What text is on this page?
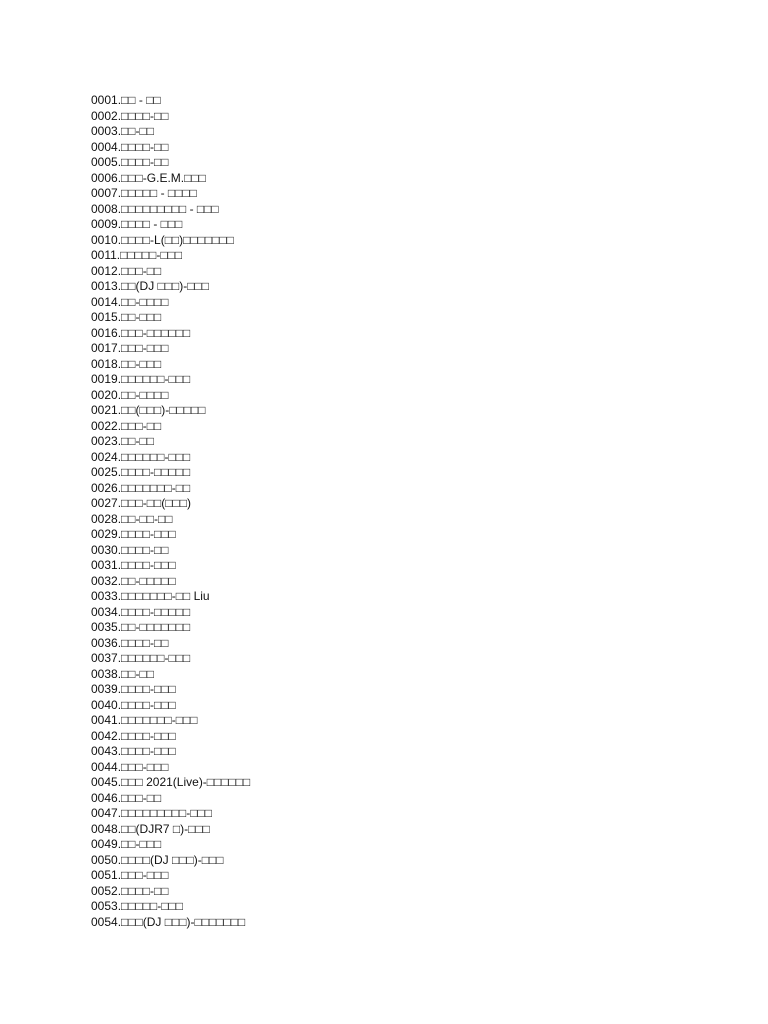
0001.□□ - □□
0002.□□□□-□□
0003.□□-□□
0004.□□□□-□□
0005.□□□□-□□
0006.□□□-G.E.M.□□□
0007.□□□□□ - □□□□
0008.□□□□□□□□□ - □□□
0009.□□□□ - □□□
0010.□□□□-L(□□)□□□□□□□
0011.□□□□□-□□□
0012.□□□-□□
0013.□□(DJ □□□)-□□□
0014.□□-□□□□
0015.□□-□□□
0016.□□□-□□□□□□
0017.□□□-□□□
0018.□□-□□□
0019.□□□□□□-□□□
0020.□□-□□□□
0021.□□(□□□)-□□□□□
0022.□□□-□□
0023.□□-□□
0024.□□□□□□-□□□
0025.□□□□-□□□□□
0026.□□□□□□□-□□
0027.□□□-□□(□□□)
0028.□□-□□-□□
0029.□□□□-□□□
0030.□□□□-□□
0031.□□□□-□□□
0032.□□-□□□□□
0033.□□□□□□□-□□ Liu
0034.□□□□-□□□□□
0035.□□-□□□□□□□
0036.□□□□-□□
0037.□□□□□□-□□□
0038.□□-□□
0039.□□□□-□□□
0040.□□□□-□□□
0041.□□□□□□□-□□□
0042.□□□□-□□□
0043.□□□□-□□□
0044.□□□-□□□
0045.□□□ 2021(Live)-□□□□□□
0046.□□□-□□
0047.□□□□□□□□□-□□□
0048.□□(DJR7 □)-□□□
0049.□□-□□□
0050.□□□□(DJ □□□)-□□□
0051.□□□-□□□
0052.□□□□-□□
0053.□□□□□-□□□
0054.□□□(DJ □□□)-□□□□□□□
